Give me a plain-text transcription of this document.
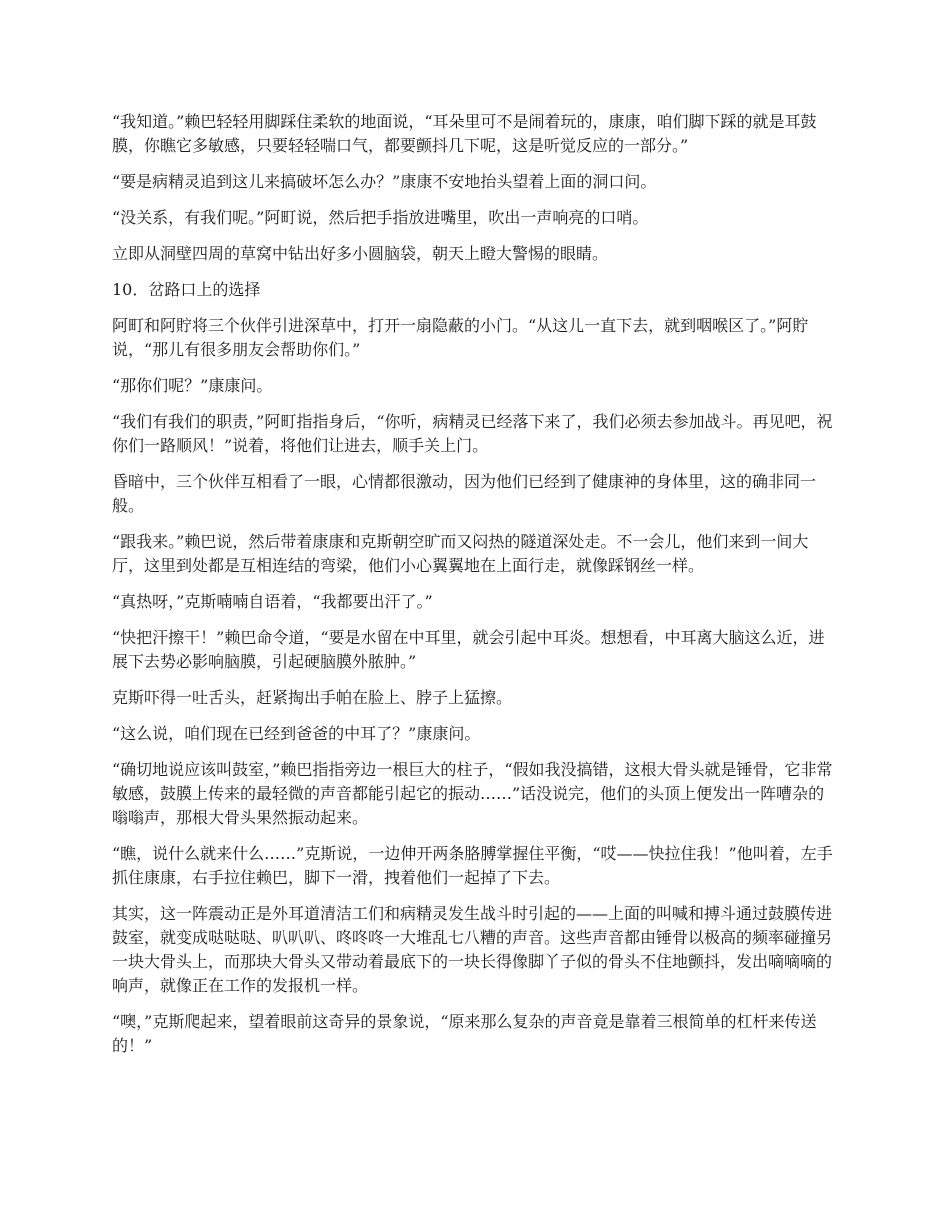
“我知道。”赖巴轻轻用脚踩住柔软的地面说，“耳朵里可不是闹着玩的，康康，咱们脚下踩的就是耳鼓膜，你瞧它多敏感，只要轻轻喘口气，都要颤抖几下呢，这是听觉反应的一部分。”

“要是病精灵追到这儿来搞破坏怎么办？”康康不安地抬头望着上面的洞口问。

“没关系，有我们呢。”阿町说，然后把手指放进嘴里，吹出一声响亮的口哨。

立即从洞壁四周的草窝中钻出好多小圆脑袋，朝天上瞪大警惕的眼睛。

10．岔路口上的选择

阿町和阿貯将三个伙伴引进深草中，打开一扇隐蔽的小门。“从这儿一直下去，就到咽喉区了。”阿貯说，“那儿有很多朋友会帮助你们。”

“那你们呢？”康康问。

“我们有我们的职责，”阿町指指身后，“你听，病精灵已经落下来了，我们必须去参加战斗。再见吧，祝你们一路顺风！”说着，将他们让进去，顺手关上门。

昏暗中，三个伙伴互相看了一眼，心情都很激动，因为他们已经到了健康神的身体里，这的确非同一般。

“跟我来。”赖巴说，然后带着康康和克斯朝空旷而又闷热的隧道深处走。不一会儿，他们来到一间大厅，这里到处都是互相连结的弯梁，他们小心翼翼地在上面行走，就像踩钢丝一样。

“真热呀，”克斯喃喃自语着，“我都要出汗了。”

“快把汗擦干！”赖巴命令道，“要是水留在中耳里，就会引起中耳炎。想想看，中耳离大脑这么近，进展下去势必影响脑膜，引起硬脑膜外脓肿。”

克斯吓得一吐舌头，赶紧掏出手帕在脸上、脖子上猛擦。

“这么说，咱们现在已经到爸爸的中耳了？”康康问。

“确切地说应该叫鼓室，”赖巴指指旁边一根巨大的柱子，“假如我没搞错，这根大骨头就是锤骨，它非常敏感，鼓膜上传来的最轻微的声音都能引起它的振动……”话没说完，他们的头顶上便发出一阵嘈杂的嗡嗡声，那根大骨头果然振动起来。

“瞧，说什么就来什么……”克斯说，一边伸开两条胳膊掌握住平衡，“哎——快拉住我！”他叫着，左手抓住康康，右手拉住赖巴，脚下一滑，拽着他们一起掉了下去。

其实，这一阵震动正是外耳道清洁工们和病精灵发生战斗时引起的——上面的叫喊和搏斗通过鼓膜传进鼓室，就变成哒哒哒、叭叭叭、咚咚咚一大堆乱七八糟的声音。这些声音都由锤骨以极高的频率碰撞另一块大骨头上，而那块大骨头又带动着最底下的一块长得像脚丫子似的骨头不住地颤抖，发出嘀嘀嘀的响声，就像正在工作的发报机一样。

“噢，”克斯爬起来，望着眼前这奇异的景象说，“原来那么复杂的声音竟是靠着三根简单的杠杆来传送的！”
